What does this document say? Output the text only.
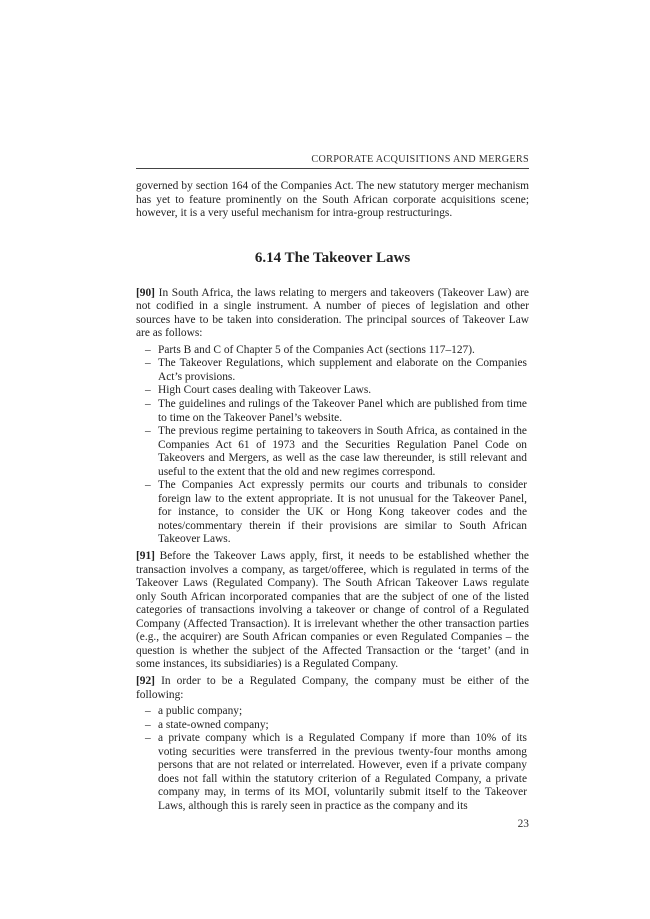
CORPORATE ACQUISITIONS AND MERGERS

governed by section 164 of the Companies Act. The new statutory merger mechanism has yet to feature prominently on the South African corporate acquisitions scene; however, it is a very useful mechanism for intra-group restructurings.

6.14 The Takeover Laws

[90] In South Africa, the laws relating to mergers and takeovers (Takeover Law) are not codified in a single instrument. A number of pieces of legislation and other sources have to be taken into consideration. The principal sources of Takeover Law are as follows:

– Parts B and C of Chapter 5 of the Companies Act (sections 117–127).
– The Takeover Regulations, which supplement and elaborate on the Companies Act’s provisions.
– High Court cases dealing with Takeover Laws.
– The guidelines and rulings of the Takeover Panel which are published from time to time on the Takeover Panel’s website.
– The previous regime pertaining to takeovers in South Africa, as contained in the Companies Act 61 of 1973 and the Securities Regulation Panel Code on Takeovers and Mergers, as well as the case law thereunder, is still relevant and useful to the extent that the old and new regimes correspond.
– The Companies Act expressly permits our courts and tribunals to consider foreign law to the extent appropriate. It is not unusual for the Takeover Panel, for instance, to consider the UK or Hong Kong takeover codes and the notes/commentary therein if their provisions are similar to South African Takeover Laws.

[91] Before the Takeover Laws apply, first, it needs to be established whether the transaction involves a company, as target/offeree, which is regulated in terms of the Takeover Laws (Regulated Company). The South African Takeover Laws regulate only South African incorporated companies that are the subject of one of the listed categories of transactions involving a takeover or change of control of a Regulated Company (Affected Transaction). It is irrelevant whether the other transaction parties (e.g., the acquirer) are South African companies or even Regulated Companies – the question is whether the subject of the Affected Transaction or the ‘target’ (and in some instances, its subsidiaries) is a Regulated Company.

[92] In order to be a Regulated Company, the company must be either of the following:

– a public company;
– a state-owned company;
– a private company which is a Regulated Company if more than 10% of its voting securities were transferred in the previous twenty-four months among persons that are not related or interrelated. However, even if a private company does not fall within the statutory criterion of a Regulated Company, a private company may, in terms of its MOI, voluntarily submit itself to the Takeover Laws, although this is rarely seen in practice as the company and its
23
